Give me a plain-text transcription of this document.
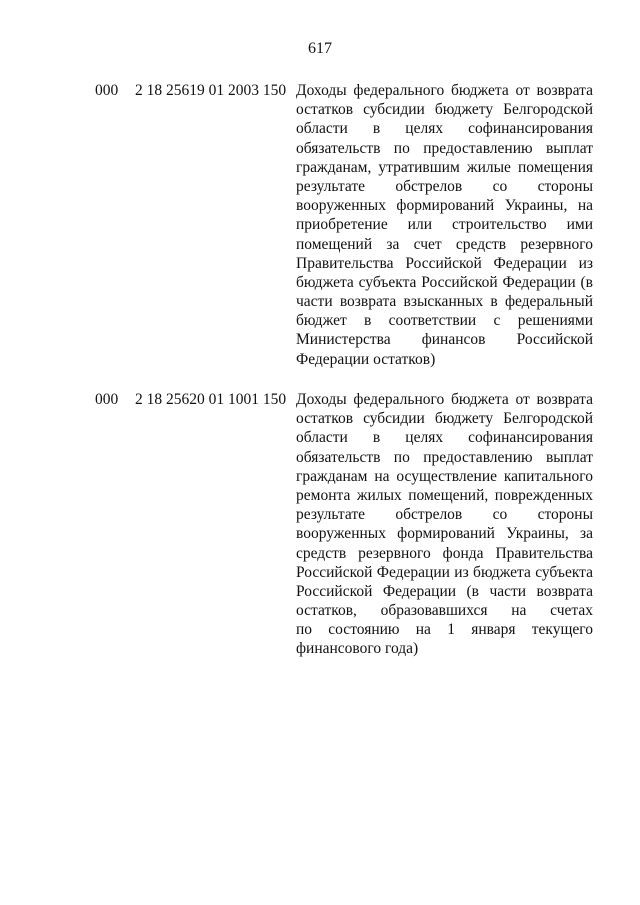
617
000 2 18 25619 01 2003 150 Доходы федерального бюджета от возврата
остатков субсидии бюджету Белгородской
области в целях софинансирования
обязательств по предоставлению выплат
гражданам, утратившим жилые помещения
результате обстрелов со стороны
вооруженных формирований Украины, на
приобретение или строительство ими
помещений за счет средств резервного
Правительства Российской Федерации из
бюджета субъекта Российской Федерации (в
части возврата взысканных в федеральный
бюджет в соответствии с решениями
Министерства финансов Российской
Федерации остатков)
000 2 18 25620 01 1001 150 Доходы федерального бюджета от возврата
остатков субсидии бюджету Белгородской
области в целях софинансирования
обязательств по предоставлению выплат
гражданам на осуществление капитального
ремонта жилых помещений, поврежденных
результате обстрелов со стороны
вооруженных формирований Украины, за
средств резервного фонда Правительства
Российской Федерации из бюджета субъекта
Российской Федерации (в части возврата
остатков, образовавшихся на счетах
по состоянию на 1 января текущего
финансового года)
